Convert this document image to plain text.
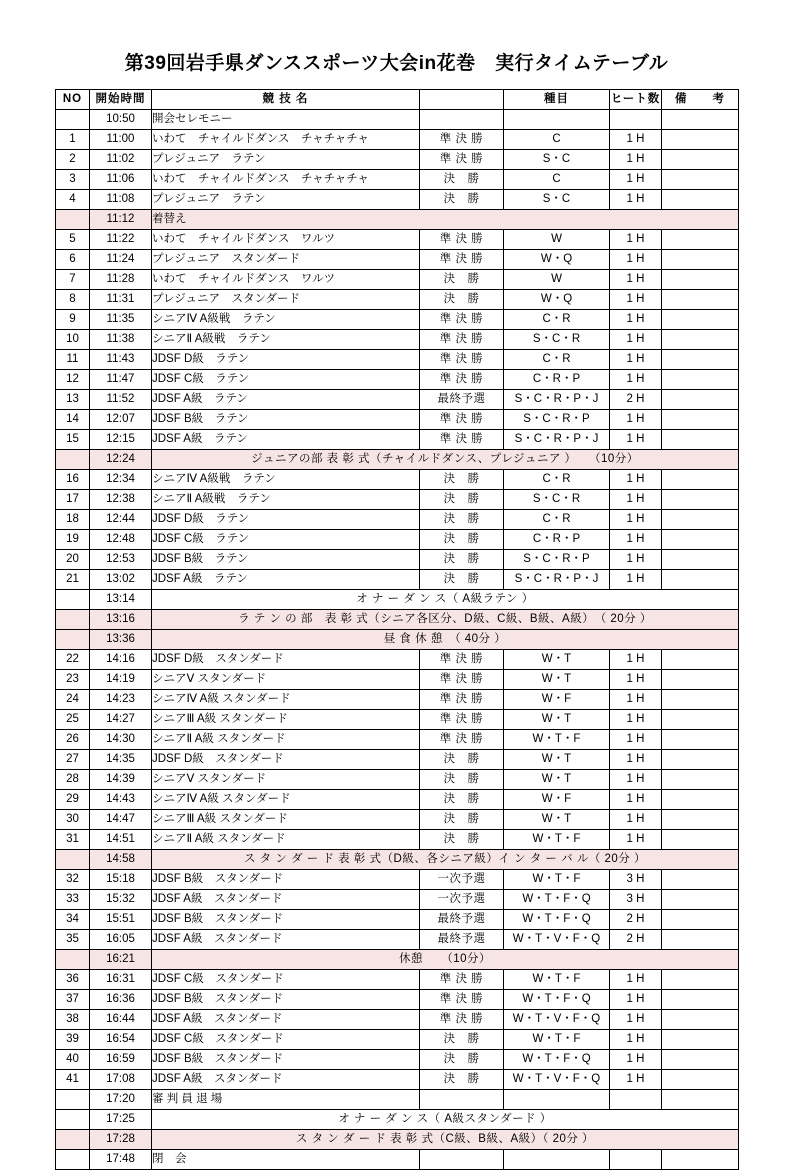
第39回岩手県ダンススポーツ大会in花巻　実行タイムテーブル
NO	開始時間	競 技 名		種目	ヒート数	備　　考
	10:50	開会セレモニー				
1	11:00	いわて　チャイルドダンス　チャチャチャ	準 決 勝	C	1 H	
2	11:02	プレジュニア　ラテン	準 決 勝	S・C	1 H	
3	11:06	いわて　チャイルドダンス　チャチャチャ	決　勝	C	1 H	
4	11:08	プレジュニア　ラテン	決　勝	S・C	1 H	
	11:12	着替え				
5	11:22	いわて　チャイルドダンス　ワルツ	準 決 勝	W	1 H	
6	11:24	プレジュニア　スタンダード	準 決 勝	W・Q	1 H	
7	11:28	いわて　チャイルドダンス　ワルツ	決　勝	W	1 H	
8	11:31	プレジュニア　スタンダード	決　勝	W・Q	1 H	
9	11:35	シニアⅣ A級戦　ラテン	準 決 勝	C・R	1 H	
10	11:38	シニアⅡ A級戦　ラテン	準 決 勝	S・C・R	1 H	
11	11:43	JDSF D級　ラテン	準 決 勝	C・R	1 H	
12	11:47	JDSF C級　ラテン	準 決 勝	C・R・P	1 H	
13	11:52	JDSF A級　ラテン	最終予選	S・C・R・P・J	2 H	
14	12:07	JDSF B級　ラテン	準 決 勝	S・C・R・P	1 H	
15	12:15	JDSF A級　ラテン	準 決 勝	S・C・R・P・J	1 H	
	12:24	ジュニアの部 表 彰 式（チャイルドダンス、プレジュニア ）　　（10分）				
16	12:34	シニアⅣ A級戦　ラテン	決　勝	C・R	1 H	
17	12:38	シニアⅡ A級戦　ラテン	決　勝	S・C・R	1 H	
18	12:44	JDSF D級　ラテン	決　勝	C・R	1 H	
19	12:48	JDSF C級　ラテン	決　勝	C・R・P	1 H	
20	12:53	JDSF B級　ラテン	決　勝	S・C・R・P	1 H	
21	13:02	JDSF A級　ラテン	決　勝	S・C・R・P・J	1 H	
	13:14	オ ナ ー ダ ン ス（ A級ラテン ）				
	13:16	ラ テ ン の 部　表 彰 式（シニア各区分、D級、C級、B級、A級）　（ 20分 ）				
	13:36	昼 食 休 憩　（ 40分 ）				
22	14:16	JDSF D級　スタンダード	準 決 勝	W・T	1 H	
23	14:19	シニアⅤ スタンダード	準 決 勝	W・T	1 H	
24	14:23	シニアⅣ A級 スタンダード	準 決 勝	W・F	1 H	
25	14:27	シニアⅢ A級 スタンダード	準 決 勝	W・T	1 H	
26	14:30	シニアⅡ A級 スタンダード	準 決 勝	W・T・F	1 H	
27	14:35	JDSF D級　スタンダード	決　勝	W・T	1 H	
28	14:39	シニアⅤ スタンダード	決　勝	W・T	1 H	
29	14:43	シニアⅣ A級 スタンダード	決　勝	W・F	1 H	
30	14:47	シニアⅢ A級 スタンダード	決　勝	W・T	1 H	
31	14:51	シニアⅡ A級 スタンダード	決　勝	W・T・F	1 H	
	14:58	ス タ ン ダ ー ド 表 彰 式（D級、各シニア級）イ ン タ ー バ ル（ 20分 ）				
32	15:18	JDSF B級　スタンダード	一次予選	W・T・F	3 H	
33	15:32	JDSF A級　スタンダード	一次予選	W・T・F・Q	3 H	
34	15:51	JDSF B級　スタンダード	最終予選	W・T・F・Q	2 H	
35	16:05	JDSF A級　スタンダード	最終予選	W・T・V・F・Q	2 H	
	16:21	休憩　　（10分）				
36	16:31	JDSF C級　スタンダード	準 決 勝	W・T・F	1 H	
37	16:36	JDSF B級　スタンダード	準 決 勝	W・T・F・Q	1 H	
38	16:44	JDSF A級　スタンダード	準 決 勝	W・T・V・F・Q	1 H	
39	16:54	JDSF C級　スタンダード	決　勝	W・T・F	1 H	
40	16:59	JDSF B級　スタンダード	決　勝	W・T・F・Q	1 H	
41	17:08	JDSF A級　スタンダード	決　勝	W・T・V・F・Q	1 H	
	17:20	審 判 員 退 場				
	17:25	オ ナ ー ダ ン ス（ A級スタンダード ）				
	17:28	ス タ ン ダ ー ド 表 彰 式（C級、B級、A級）（ 20分 ）				
	17:48	閉　会				
